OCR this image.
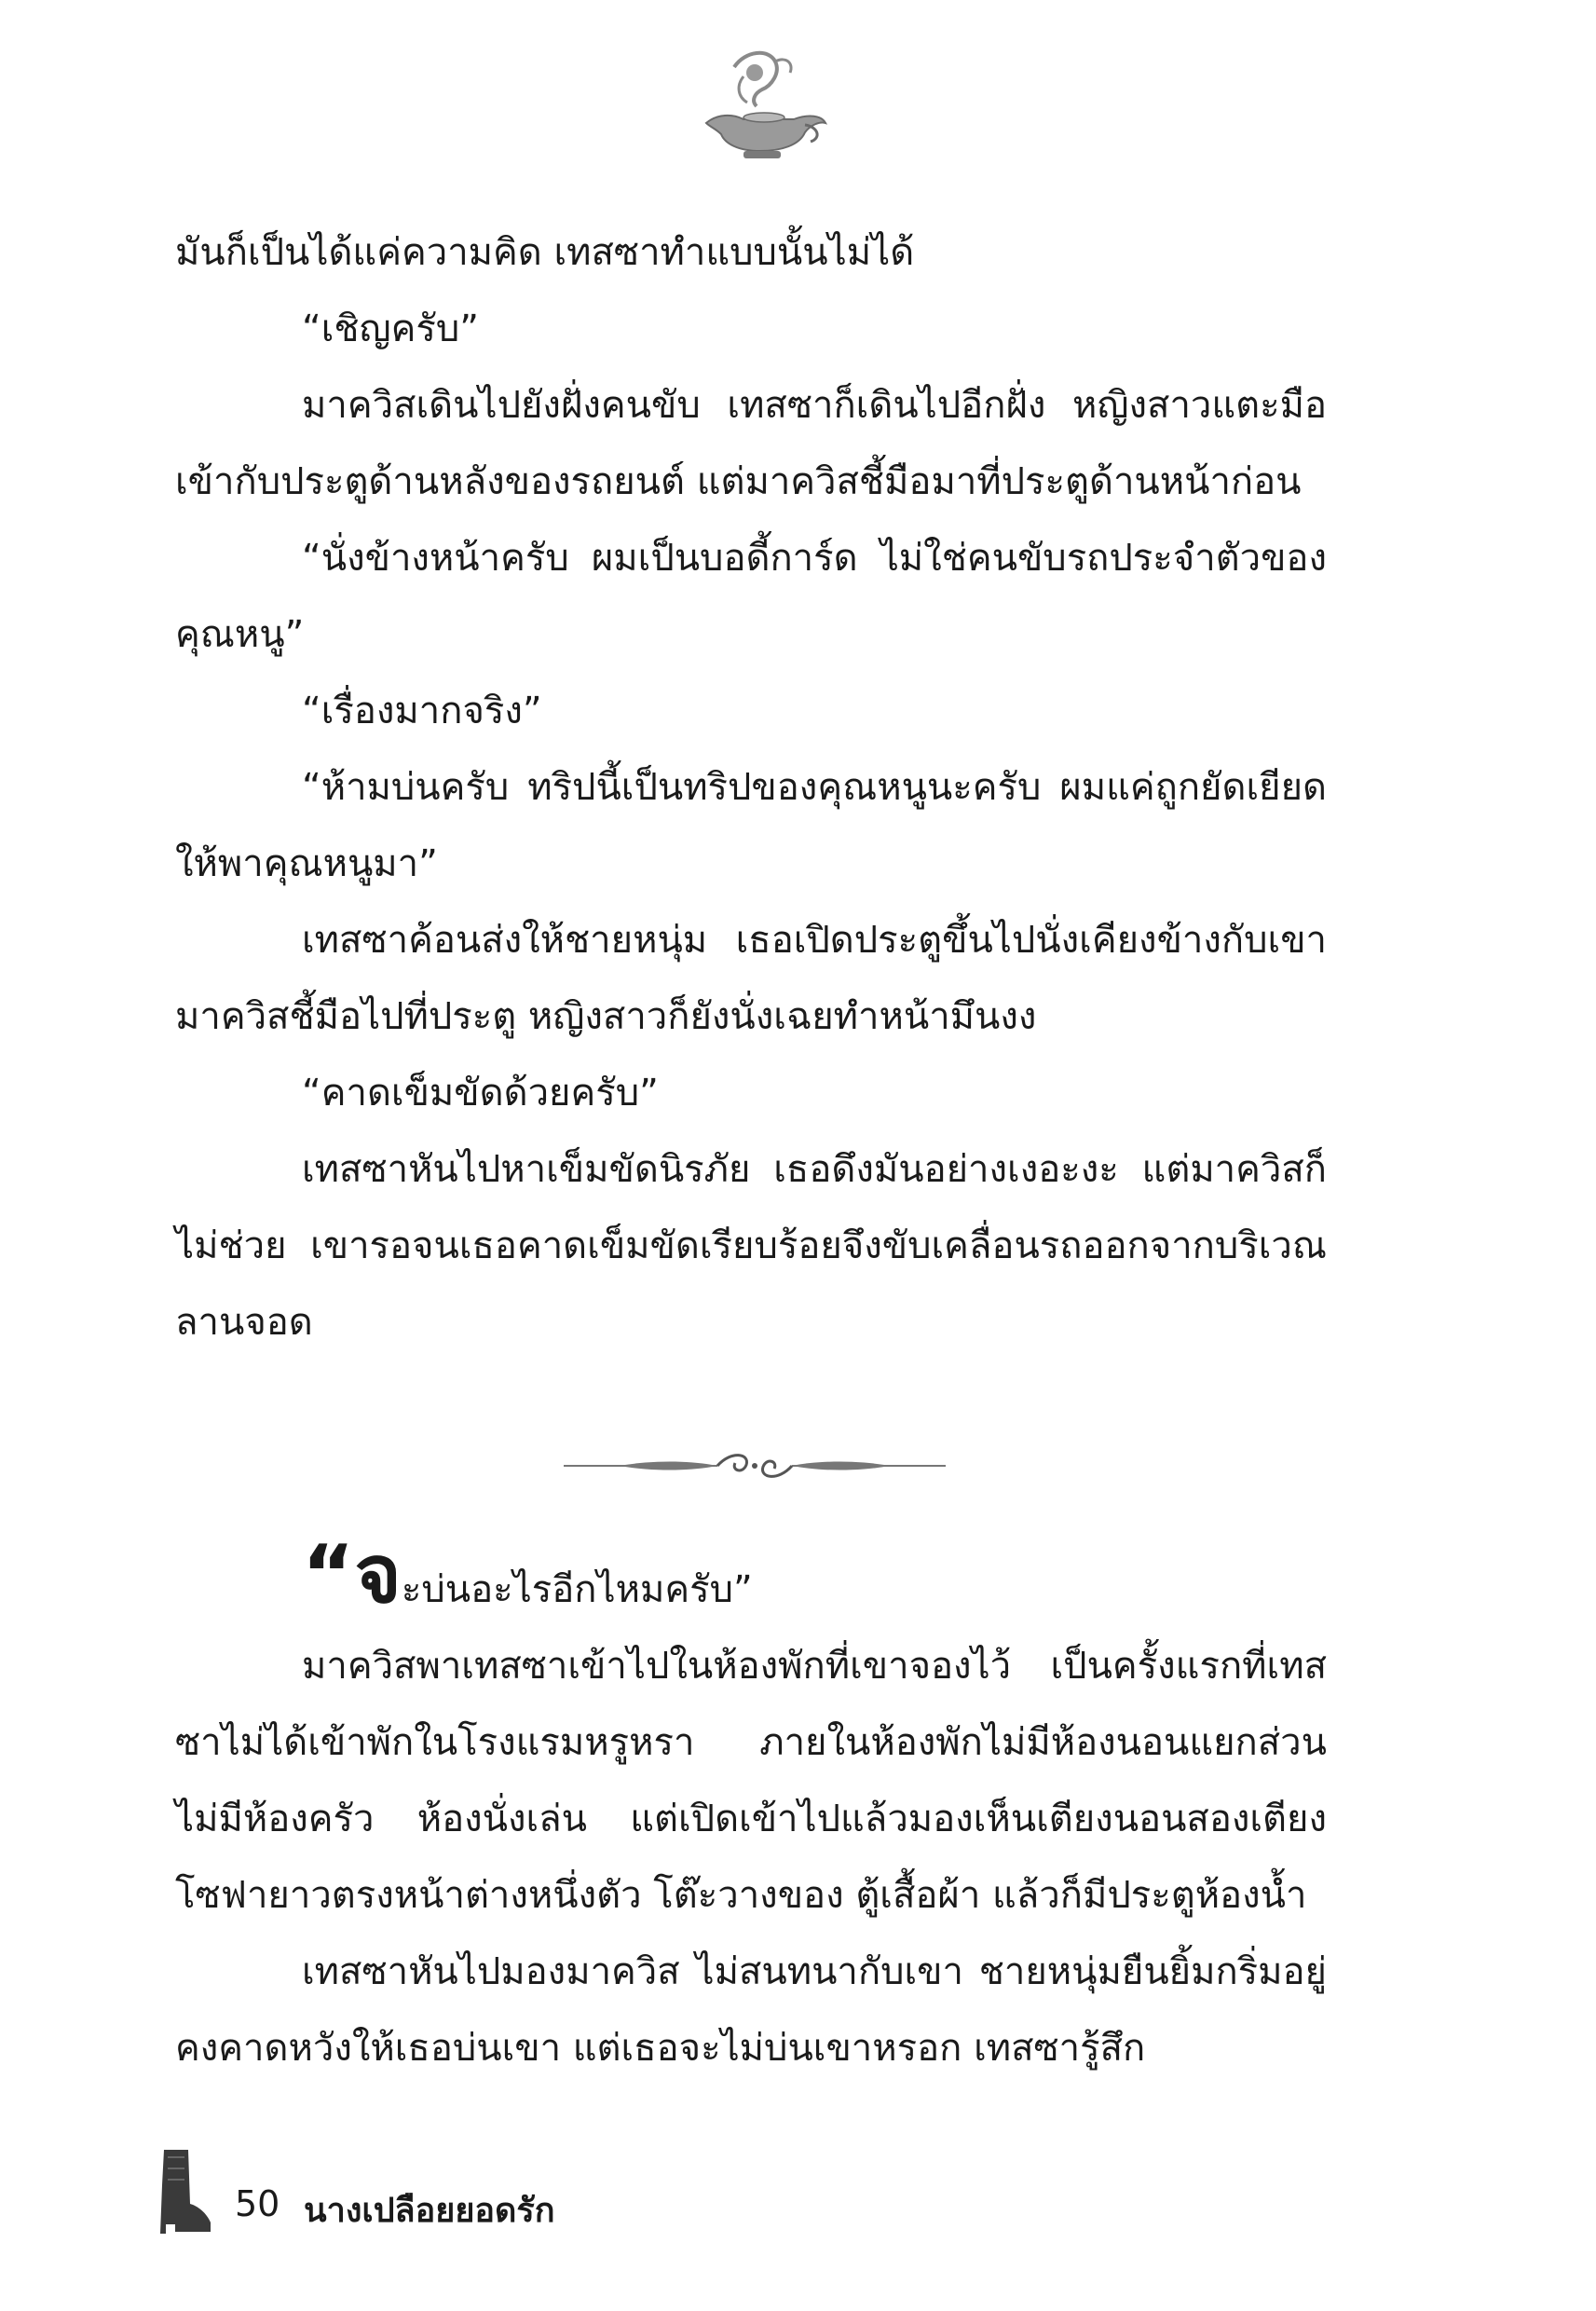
มันก็เป็นได้แค่ความคิด เทสซาทำแบบนั้นไม่ได้

“เชิญครับ”

มาควิสเดินไปยังฝั่งคนขับ เทสซาก็เดินไปอีกฝั่ง หญิงสาวแตะมือเข้ากับประตูด้านหลังของรถยนต์ แต่มาควิสชี้มือมาที่ประตูด้านหน้าก่อน

“นั่งข้างหน้าครับ ผมเป็นบอดี้การ์ด ไม่ใช่คนขับรถประจำตัวของคุณหนู”

“เรื่องมากจริง”

“ห้ามบ่นครับ ทริปนี้เป็นทริปของคุณหนูนะครับ ผมแค่ถูกยัดเยียดให้พาคุณหนูมา”

เทสซาค้อนส่งให้ชายหนุ่ม เธอเปิดประตูขึ้นไปนั่งเคียงข้างกับเขา มาควิสชี้มือไปที่ประตู หญิงสาวก็ยังนั่งเฉยทำหน้ามึนงง

“คาดเข็มขัดด้วยครับ”

เทสซาหันไปหาเข็มขัดนิรภัย เธอดึงมันอย่างเงอะงะ แต่มาควิสก็ไม่ช่วย เขารอจนเธอคาดเข็มขัดเรียบร้อยจึงขับเคลื่อนรถออกจากบริเวณลานจอด

“จะบ่นอะไรอีกไหมครับ”

มาควิสพาเทสซาเข้าไปในห้องพักที่เขาจองไว้ เป็นครั้งแรกที่เทสซาไม่ได้เข้าพักในโรงแรมหรูหรา ภายในห้องพักไม่มีห้องนอนแยกส่วน ไม่มีห้องครัว ห้องนั่งเล่น แต่เปิดเข้าไปแล้วมองเห็นเตียงนอนสองเตียง โซฟายาวตรงหน้าต่างหนึ่งตัว โต๊ะวางของ ตู้เสื้อผ้า แล้วก็มีประตูห้องน้ำ

เทสซาหันไปมองมาควิส ไม่สนทนากับเขา ชายหนุ่มยืนยิ้มกริ่มอยู่ คงคาดหวังให้เธอบ่นเขา แต่เธอจะไม่บ่นเขาหรอก เทสซารู้สึก

50 นางเปลือยยอดรัก
